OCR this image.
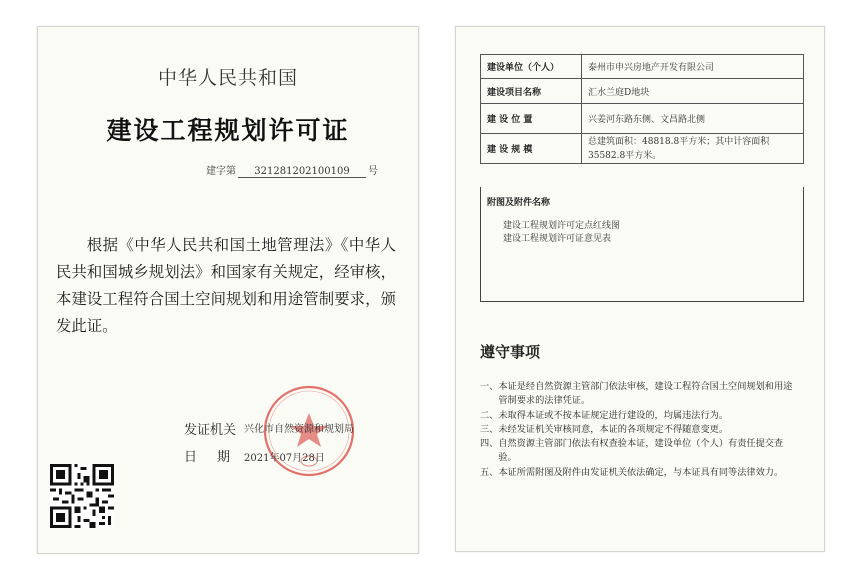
中华人民共和国
建设工程规划许可证
建字第 321281202100109 号
根据《中华人民共和国土地管理法》《中华人民共和国城乡规划法》和国家有关规定，经审核，本建设工程符合国土空间规划和用途管制要求，颁发此证。
发证机关 兴化市自然资源和规划局
日期
2021年07月28日
建设单位（个人）	泰州市申兴房地产开发有限公司
建设项目名称	汇水兰庭D地块
建 设 位 置	兴姜河东路东侧、文昌路北侧
建 设 规 模	总建筑面积：48818.8平方米；其中计容面积35582.8平方米。
附图及附件名称
建设工程规划许可定点红线图
建设工程规划许可证意见表
遵守事项
一、 本证是经自然资源主管部门依法审核，建设工程符合国土空间规划和用途管制要求的法律凭证。
二、 未取得本证或不按本证规定进行建设的，均属违法行为。
三、 未经发证机关审核同意，本证的各项规定不得随意变更。
四、 自然资源主管部门依法有权查验本证，建设单位（个人）有责任提交查验。
五、 本证所需附图及附件由发证机关依法确定，与本证具有同等法律效力。
